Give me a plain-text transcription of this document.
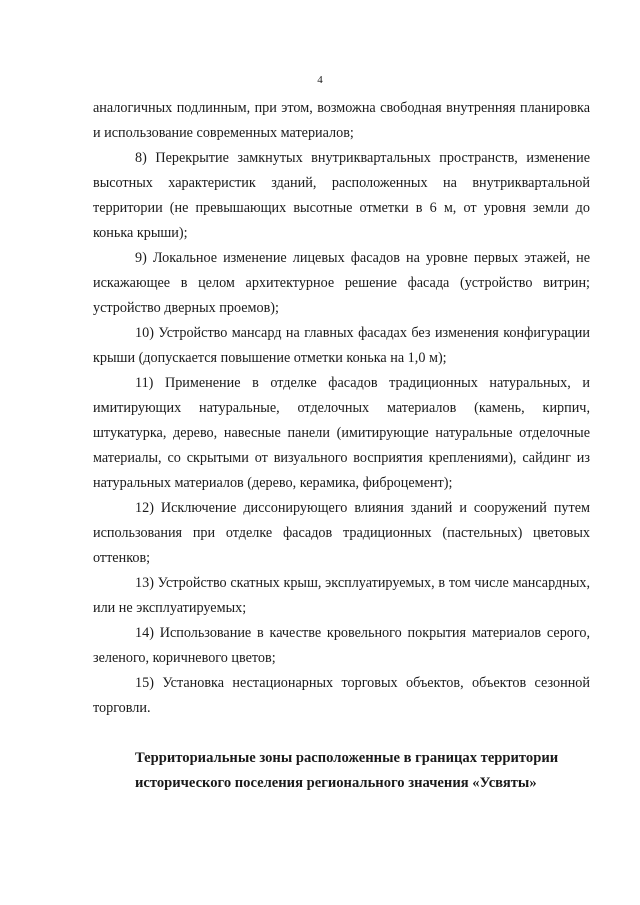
4

аналогичных подлинным, при этом, возможна свободная внутренняя планировка и использование современных материалов;

8) Перекрытие замкнутых внутриквартальных пространств, изменение высотных характеристик зданий, расположенных на внутриквартальной территории (не превышающих высотные отметки в 6 м, от уровня земли до конька крыши);

9) Локальное изменение лицевых фасадов на уровне первых этажей, не искажающее в целом архитектурное решение фасада (устройство витрин; устройство дверных проемов);

10) Устройство мансард на главных фасадах без изменения конфигурации крыши (допускается повышение отметки конька на 1,0 м);

11) Применение в отделке фасадов традиционных натуральных, и имитирующих натуральные, отделочных материалов (камень, кирпич, штукатурка, дерево, навесные панели (имитирующие натуральные отделочные материалы, со скрытыми от визуального восприятия креплениями), сайдинг из натуральных материалов (дерево, керамика, фиброцемент);

12) Исключение диссонирующего влияния зданий и сооружений путем использования при отделке фасадов традиционных (пастельных) цветовых оттенков;

13) Устройство скатных крыш, эксплуатируемых, в том числе мансардных, или не эксплуатируемых;

14) Использование в качестве кровельного покрытия материалов серого, зеленого, коричневого цветов;

15) Установка нестационарных торговых объектов, объектов сезонной торговли.

Территориальные зоны расположенные в границах территории
исторического поселения регионального значения «Усвяты»
